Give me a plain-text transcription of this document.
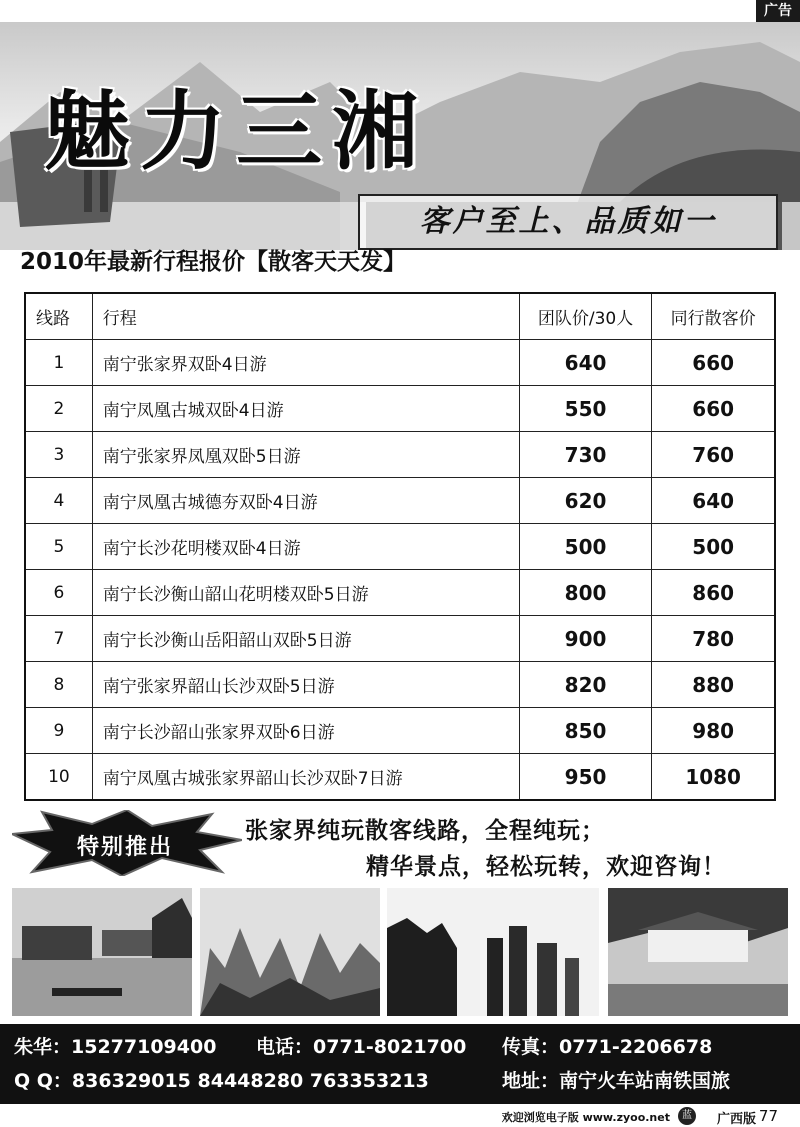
广告
魅力三湘
客户至上、品质如一
2010年最新行程报价【散客天天发】
线路	行程	团队价/30人	同行散客价
1	南宁张家界双卧4日游	640	660
2	南宁凤凰古城双卧4日游	550	660
3	南宁张家界凤凰双卧5日游	730	760
4	南宁凤凰古城德夯双卧4日游	620	640
5	南宁长沙花明楼双卧4日游	500	500
6	南宁长沙衡山韶山花明楼双卧5日游	800	860
7	南宁长沙衡山岳阳韶山双卧5日游	900	780
8	南宁张家界韶山长沙双卧5日游	820	880
9	南宁长沙韶山张家界双卧6日游	850	980
10	南宁凤凰古城张家界韶山长沙双卧7日游	950	1080
特别推出
张家界纯玩散客线路，全程纯玩；
精华景点，轻松玩转，欢迎咨询！
朱华：15277109400 电话：0771-8021700 传真：0771-2206678
Q Q：836329015 84448280 763353213	地址：南宁火车站南铁国旅
欢迎浏览电子版 www.zyoo.net	蓝	广西版 77
